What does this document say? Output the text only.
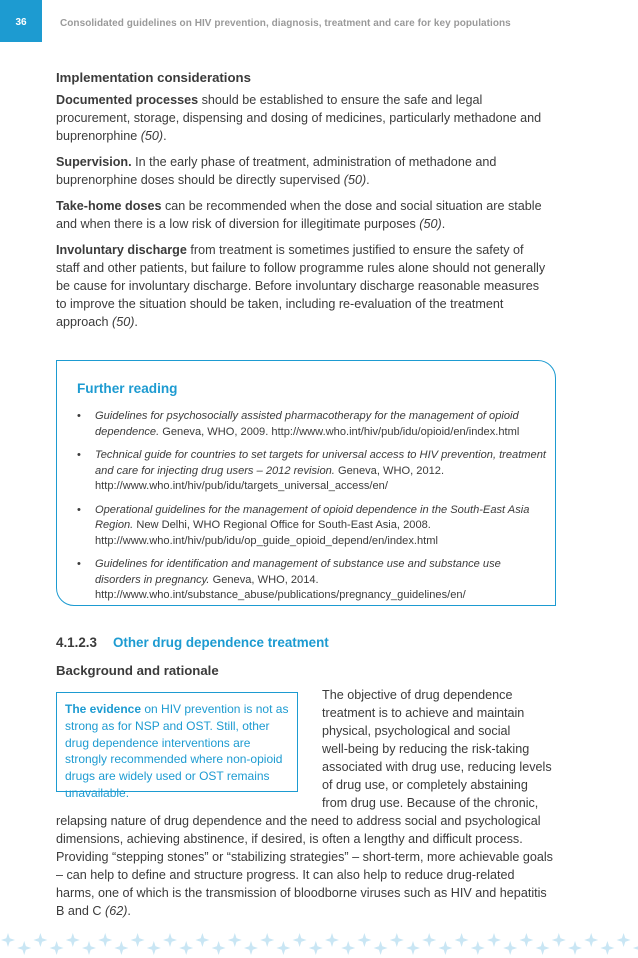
36	Consolidated guidelines on HIV prevention, diagnosis, treatment and care for key populations
Implementation considerations

Documented processes should be established to ensure the safe and legal procurement, storage, dispensing and dosing of medicines, particularly methadone and buprenorphine (50).

Supervision. In the early phase of treatment, administration of methadone and buprenorphine doses should be directly supervised (50).

Take-home doses can be recommended when the dose and social situation are stable and when there is a low risk of diversion for illegitimate purposes (50).

Involuntary discharge from treatment is sometimes justified to ensure the safety of staff and other patients, but failure to follow programme rules alone should not generally be cause for involuntary discharge. Before involuntary discharge reasonable measures to improve the situation should be taken, including re-evaluation of the treatment approach (50).

Further reading
• Guidelines for psychosocially assisted pharmacotherapy for the management of opioid dependence. Geneva, WHO, 2009. http://www.who.int/hiv/pub/idu/opioid/en/index.html
• Technical guide for countries to set targets for universal access to HIV prevention, treatment and care for injecting drug users – 2012 revision. Geneva, WHO, 2012. http://www.who.int/hiv/pub/idu/targets_universal_access/en/
• Operational guidelines for the management of opioid dependence in the South-East Asia Region. New Delhi, WHO Regional Office for South-East Asia, 2008. http://www.who.int/hiv/pub/idu/op_guide_opioid_depend/en/index.html
• Guidelines for identification and management of substance use and substance use disorders in pregnancy. Geneva, WHO, 2014. http://www.who.int/substance_abuse/publications/pregnancy_guidelines/en/
4.1.2.3 Other drug dependence treatment
Background and rationale
The evidence on HIV prevention is not as strong as for NSP and OST. Still, other drug dependence interventions are strongly recommended where non-opioid drugs are widely used or OST remains unavailable.
The objective of drug dependence
treatment is to achieve and maintain
physical, psychological and social
well-being by reducing the risk-taking
associated with drug use, reducing levels
of drug use, or completely abstaining
from drug use. Because of the chronic,
relapsing nature of drug dependence and the need to address social and psychological dimensions, achieving abstinence, if desired, is often a lengthy and difficult process. Providing “stepping stones” or “stabilizing strategies” – short-term, more achievable goals – can help to define and structure progress. It can also help to reduce drug-related harms, one of which is the transmission of bloodborne viruses such as HIV and hepatitis B and C (62).
